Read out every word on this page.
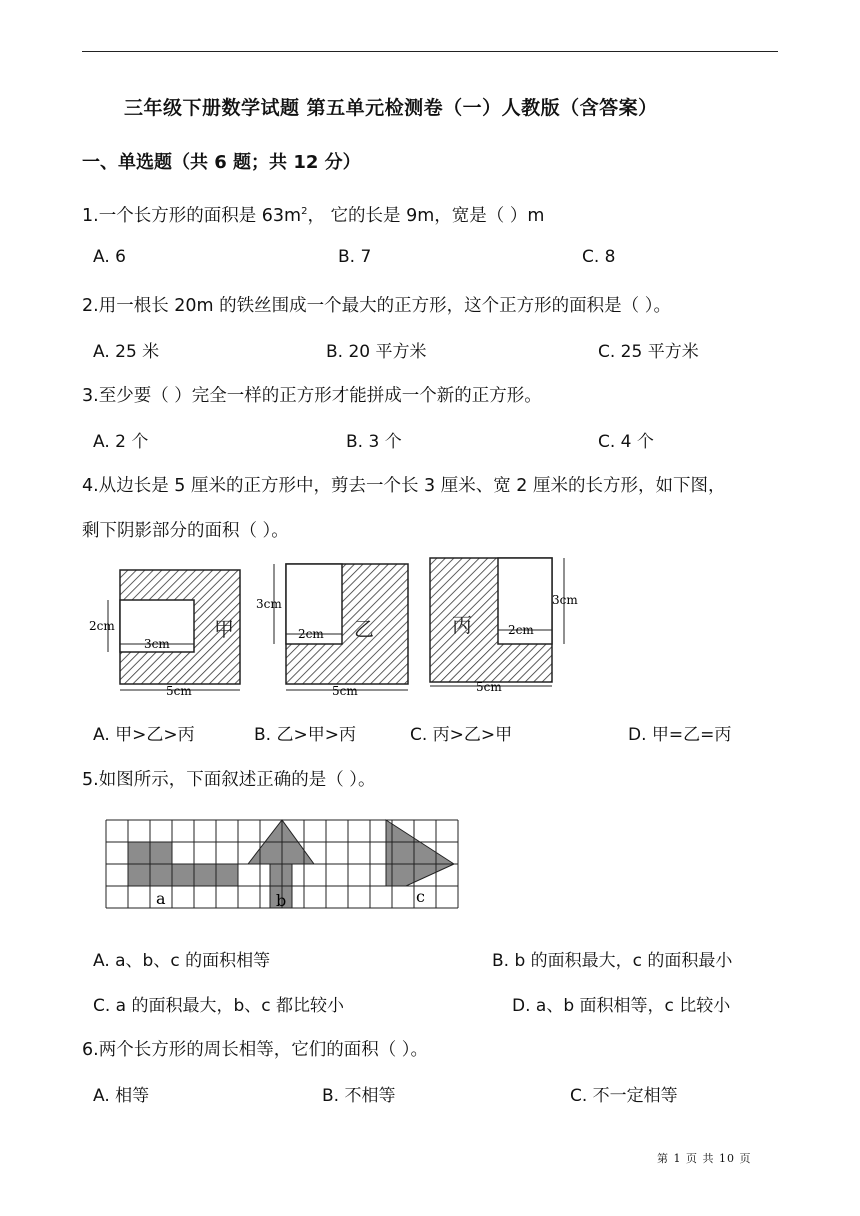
三年级下册数学试题 第五单元检测卷（一）人教版（含答案）
一、单选题（共 6 题；共 12 分）
1.一个长方形的面积是 $63m^2$， 它的长是 9m，宽是（ ）m
A. 6	B. 7	C. 8
2.用一根长 20m 的铁丝围成一个最大的正方形，这个正方形的面积是（ ）。
A. 25 米	B. 20 平方米	C. 25 平方米
3.至少要（ ）完全一样的正方形才能拼成一个新的正方形。
A. 2 个	B. 3 个	C. 4 个
4.从边长是 5 厘米的正方形中，剪去一个长 3 厘米、宽 2 厘米的长方形，如下图，
剩下阴影部分的面积（ ）。
甲
2cm
3cm
5cm
乙
3cm
2cm
5cm
丙
3cm
2cm
5cm
A. 甲>乙>丙	B. 乙>甲>丙	C. 丙>乙>甲	D. 甲=乙=丙
5.如图所示，下面叙述正确的是（ ）。
a	b	c
A. a、b、c 的面积相等	B. b 的面积最大，c 的面积最小
C. a 的面积最大，b、c 都比较小	D. a、b 面积相等，c 比较小
6.两个长方形的周长相等，它们的面积（ ）。
A. 相等	B. 不相等	C. 不一定相等
第 1 页 共 10 页
